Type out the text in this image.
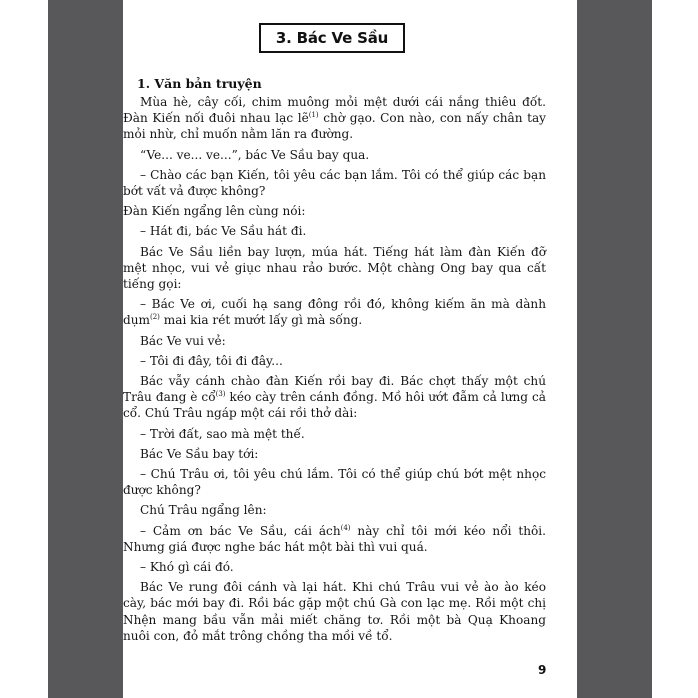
3. Bác Ve Sầu
1. Văn bản truyện

Mùa hè, cây cối, chim muông mỏi mệt dưới cái nắng thiêu đốt. Đàn Kiến nối đuôi nhau lạc lẽ$^{(1)}$ chờ gạo. Con nào, con nấy chân tay mỏi nhừ, chỉ muốn nằm lăn ra đường.

“Ve... ve... ve...”, bác Ve Sầu bay qua.

– Chào các bạn Kiến, tôi yêu các bạn lắm. Tôi có thể giúp các bạn bớt vất vả được không?

Đàn Kiến ngẩng lên cùng nói:

– Hát đi, bác Ve Sầu hát đi.

Bác Ve Sầu liền bay lượn, múa hát. Tiếng hát làm đàn Kiến đỡ mệt nhọc, vui vẻ giục nhau rảo bước. Một chàng Ong bay qua cất tiếng gọi:

– Bác Ve ơi, cuối hạ sang đông rồi đó, không kiếm ăn mà dành dụm$^{(2)}$ mai kia rét mướt lấy gì mà sống.

Bác Ve vui vẻ:

– Tôi đi đây, tôi đi đây...

Bác vẫy cánh chào đàn Kiến rồi bay đi. Bác chợt thấy một chú Trâu đang è cổ$^{(3)}$ kéo cày trên cánh đồng. Mồ hôi ướt đẫm cả lưng cả cổ. Chú Trâu ngáp một cái rồi thở dài:

– Trời đất, sao mà mệt thế.

Bác Ve Sầu bay tới:

– Chú Trâu ơi, tôi yêu chú lắm. Tôi có thể giúp chú bớt mệt nhọc được không?

Chú Trâu ngẩng lên:

– Cảm ơn bác Ve Sầu, cái ách$^{(4)}$ này chỉ tôi mới kéo nổi thôi. Nhưng giá được nghe bác hát một bài thì vui quá.

– Khó gì cái đó.

Bác Ve rung đôi cánh và lại hát. Khi chú Trâu vui vẻ ào ào kéo cày, bác mới bay đi. Rồi bác gặp một chú Gà con lạc mẹ. Rồi một chị Nhện mang bầu vẫn mải miết chăng tơ. Rồi một bà Quạ Khoang nuôi con, đỏ mắt trông chồng tha mồi về tổ.

9
